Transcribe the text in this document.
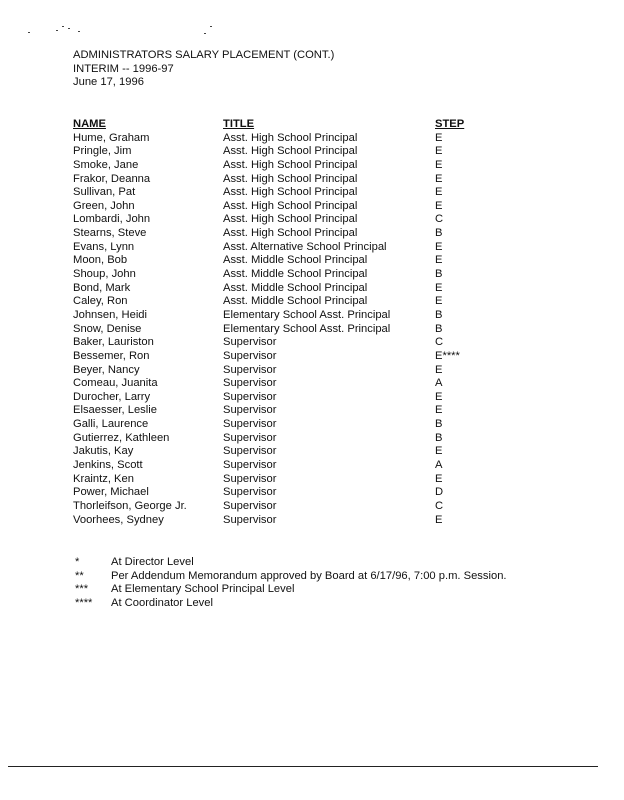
ADMINISTRATORS SALARY PLACEMENT (CONT.)
INTERIM -- 1996-97
June 17, 1996
NAME	TITLE	STEP
Hume, Graham	Asst. High School Principal	E
Pringle, Jim	Asst. High School Principal	E
Smoke, Jane	Asst. High School Principal	E
Frakor, Deanna	Asst. High School Principal	E
Sullivan, Pat	Asst. High School Principal	E
Green, John	Asst. High School Principal	E
Lombardi, John	Asst. High School Principal	C
Stearns, Steve	Asst. High School Principal	B
Evans, Lynn	Asst. Alternative School Principal	E
Moon, Bob	Asst. Middle School Principal	E
Shoup, John	Asst. Middle School Principal	B
Bond, Mark	Asst. Middle School Principal	E
Caley, Ron	Asst. Middle School Principal	E
Johnsen, Heidi	Elementary School Asst. Principal	B
Snow, Denise	Elementary School Asst. Principal	B
Baker, Lauriston	Supervisor	C
Bessemer, Ron	Supervisor	E****
Beyer, Nancy	Supervisor	E
Comeau, Juanita	Supervisor	A
Durocher, Larry	Supervisor	E
Elsaesser, Leslie	Supervisor	E
Galli, Laurence	Supervisor	B
Gutierrez, Kathleen	Supervisor	B
Jakutis, Kay	Supervisor	E
Jenkins, Scott	Supervisor	A
Kraintz, Ken	Supervisor	E
Power, Michael	Supervisor	D
Thorleifson, George Jr.	Supervisor	C
Voorhees, Sydney	Supervisor	E
*	At Director Level
** Per Addendum Memorandum approved by Board at 6/17/96, 7:00 p.m. Session.
*** At Elementary School Principal Level
**** At Coordinator Level
